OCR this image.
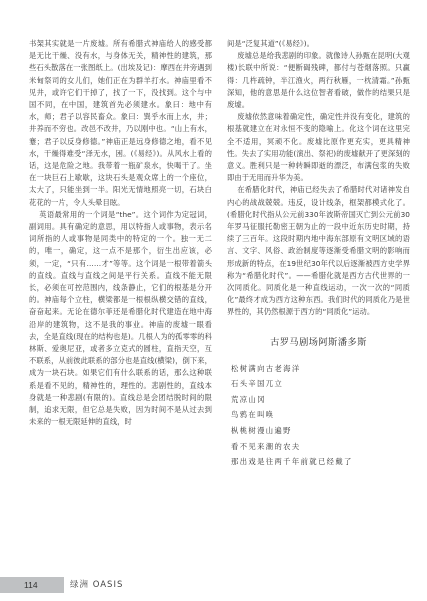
书架其实就是一片废墟。所有希腊式神庙给人的感受都是无比干燥、没有水，与身体无关，精神性的建筑，那些石头散落在一张图纸上。(出埃及记)：摩西在井旁遇到米甸祭司的女儿们，她们正在为群羊打水。神庙里看不见井，或许它们干掉了，找了一下，没找到。这个与中国不同，在中国，建筑首先必须建水。象曰：地中有水，师；君子以容民畜众。象曰：巽乎水而上水，井；井养而不穷也。改邑不改井，乃以刚中也。“山上有水，蹇；君子以反身修德。”神庙正是远身修德之地，看不见水，干燥得难受“泽无水，困。(《易经》)。从风水上看的话，这是危险之地。我带着一瓶矿泉水，快喝干了。坐在一块巨石上歇歇，这块石头是观众席上的一个座位，太大了，只能坐到一半。阳光无情地照亮一切，石块白花花的一片，令人头晕目眩。

英语最常用的一个词是“the”。这个词作为定冠词，副词用。具有确定的意思，用以特指人或事物，表示名词所指的人或事物是同类中的特定的一个。独一无二的，唯一，确定，这一点不是那个，衍生出应该，必须，一定，“只有……才”等等。这个词是一根带着箭头的直线。直线与直线之间是平行关系。直线不能无限长，必须在可控范围内，线条静止，它们的根基是分开的。神庙每个立柱，横梁都是一根根纵横交错的直线，奋奋起来。无论在德尔菲还是希腊化时代建造在地中海沿岸的建筑物，这不是我的事业。神庙的废墟一眼看去，全是直线(现在的结构也是)。几根人为的孤零零的科林斯、爱奥尼亚，或者多立克式的圆柱，直指天空，互不联系，从前彼此联系的部分也是直线(横梁)，倒下来，成为一块石块。如果它们有什么联系的话，那么这种联系是看不见的，精神性的，理性的。悲剧性的，直线本身就是一种悲剧(有限的)。直线总是会团结脱时间的限制，追求无限，但它总是失败，因为时间不是从过去到未来的一根无限延伸的直线，时

间是“泛复其道”(《易经》)。

废墟总是给我悲剧的印象。就像诗人孙甄在昆明(大观楼)长联中所说：“便断碣残碑，都付与苍烟落照。只赢得：几杵疏钟，半江渔火，两行秋雁，一枕清霜。”孙甄深知，他的意思是什么这位智者看破，做作的结果只是废墟。

废墟依然意味着确定性，确定性并没有变化，建筑的根基就建立在对永恒不变的隐喻上。化这个词在这里完全不适用，冥顽不化。废墟比原作更充实，更具精神性。失去了实用功能(演出、祭祀)的废墟献开了更深刻的意义。胜利只是一种转瞬即逝的漂泛，布满包浆的失败即由于无用而升华为美。

在希腊化时代，神庙已经失去了希腊时代对诸神发自内心的战战兢兢。违反，设计线条，框架都模式化了。(希腊化时代指从公元前330年波斯帝国灭亡到公元前30年罗马征服托勒密王朝为止的一段中近东历史时期，持续了三百年。这段时期内地中海东部原有文明区域的语言、文字、风俗、政治制度等逐渐受希腊文明的影响而形成新的特点，在19世纪30年代以后逐渐被西方史学界称为“希腊化时代”。——希腊化就是西方古代世界的一次同质化。同质化是一种直线运动，一次一次的“同质化”最终才成为西方这种东西。我们时代的同质化乃是世界性的，其仍然根源于西方的“同质化”运动。

古罗马剧场阿斯潘多斯
松树满向古老海洋
石头辛国兀立
荒凉山冈
鸟鸦在叫唤
枞桃树漫山遍野
看不见来潮的农夫
那出戏是往两千年前就已经戴了
114	绿洲 OASIS
